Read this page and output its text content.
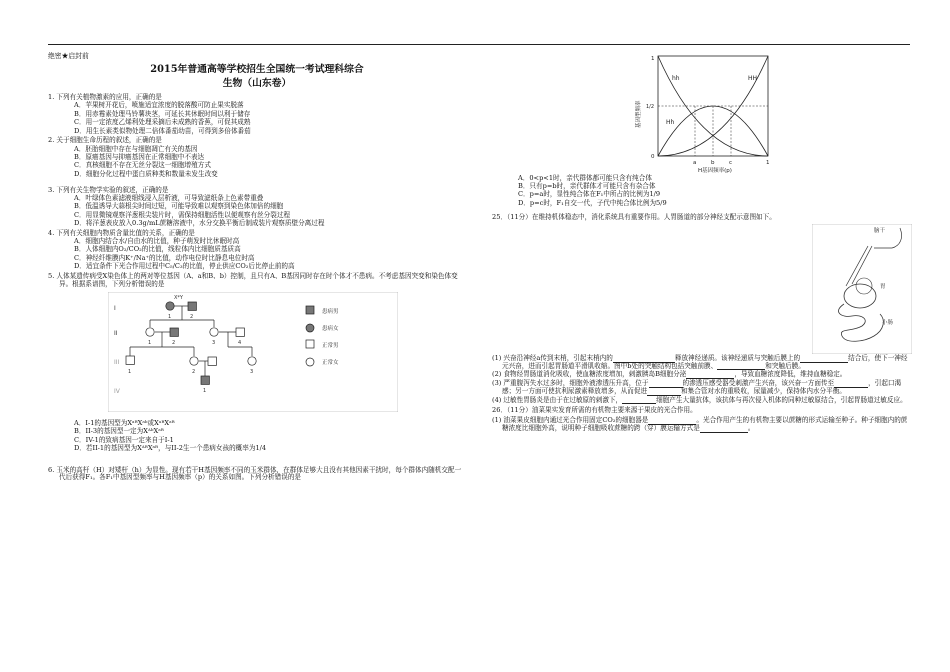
绝密★启封前
2015年普通高等学校招生全国统一考试理科综合
生物（山东卷）
1. 下列有关植物激素的应用，正确的是
A．苹果树开花后，喷施适宜浓度的脱落酸可防止果实脱落
B．用赤霉素处理马铃薯块茎，可延长其休眠时间以利于储存
C．用一定浓度乙烯利处理采摘后未成熟的香蕉，可促其成熟
D．用生长素类似物处理二倍体番茄幼苗，可得到多倍体番茄
2. 关于细胞生命历程的叙述，正确的是
A．胚胎细胞中存在与细胞凋亡有关的基因
B．原癌基因与抑癌基因在正常细胞中不表达
C．真核细胞不存在无丝分裂这一细胞增殖方式
D．细胞分化过程中蛋白质种类和数量未发生改变
3. 下列有关生物学实验的叙述，正确的是
A．叶绿体色素滤液细线浸入层析液，可导致滤纸条上色素带重叠
B．低温诱导大蒜根尖时间过短，可能导致难以观察到染色体加倍的细胞
C．用显微镜观察洋葱根尖装片时，需保持细胞活性以便观察有丝分裂过程
D．将洋葱表皮放入0.3g/mL蔗糖溶液中，水分交换平衡后制成装片观察质壁分离过程
4. 下列有关细胞内物质含量比值的关系，正确的是
A．细胞内结合水/自由水的比值，种子萌发时比休眠时高
B．人体细胞内O₂/CO₂的比值，线粒体内比细胞质基质高
C．神经纤维膜内K⁺/Na⁺的比值，动作电位时比静息电位时高
D．适宜条件下光合作用过程中C₅/C₃的比值，停止供应CO₂后比停止前的高
5. 人体某遗传病受X染色体上的两对等位基因（A、a和B、b）控制，且只有A、B基因同时存在时个体才不患病。不考虑基因突变和染色体变异。根据系谱图，下列分析错误的是
I
II
III
IV
1	2
X*Y
1	2	3	4
1	2	3
1
患病男
患病女
正常男
正常女
A．I-1的基因型为XᵃᴮXᵃᵇ或XᵃᴮXᵃᴮ
B．II-3的基因型一定为XᴬᵇXᵃᴮ
C．IV-1的致病基因一定来自于I-1
D．若II-1的基因型为XᴬᴮXᵃᴮ，与II-2生一个患病女孩的概率为1/4
6. 玉米的高杆（H）对矮杆（h）为显性。现有若干H基因频率不同的玉米群体，在群体足够大且没有其他因素干扰时，每个群体内随机交配一代后获得F₁。各F₁中基因型频率与H基因频率（p）的关系如图。下列分析错误的是
hh	HH
Hh
1
1/2
0
a	b	c	1
H基因频率(p)
基因型频率
A．0<p<1时，亲代群体都可能只含有纯合体
B．只有p=b时，亲代群体才可能只含有杂合体
C．p=a时，显性纯合体在F₁中所占的比例为1/9
D．p=c时，F₁自交一代，子代中纯合体比例为5/9
25．（11分）在维持机体稳态中，消化系统具有重要作用。人胃肠道的部分神经支配示意图如下。
脑干
胃
小肠
(1) 兴奋沿神经a传到末梢，引起末梢内的	释放神经递质。该神经递质与突触后膜上的	结合后，使下一神经元兴奋，进而引起胃肠道平滑肌收缩。图中b处的突触结构包括突触前膜、	和突触后膜。
(2) 食物经胃肠道消化吸收，使血糖浓度增加，刺激胰岛B细胞分泌	，导致血糖浓度降低，维持血糖稳定。
(3) 严重腹泻失水过多时，细胞外液渗透压升高，位于	的渗透压感受器受刺激产生兴奋，该兴奋一方面传至	，引起口渴感；另一方面可使抗利尿激素释放增多，从而促进	和集合管对水的重吸收，尿量减少，保持体内水分平衡。
(4) 过敏性胃肠炎是由于在过敏原的刺激下，	细胞产生大量抗体，该抗体与再次侵入机体的同种过敏原结合，引起胃肠道过敏反应。
26．（11分）油菜果实发育所需的有机物主要来源于果皮的光合作用。
(1) 油菜果皮细胞内通过光合作用固定CO₂的细胞器是	。光合作用产生的有机物主要以蔗糖的形式运输至种子。种子细胞内的蔗糖浓度比细胞外高，说明种子细胞吸收蔗糖的跨（穿）膜运输方式是	。
